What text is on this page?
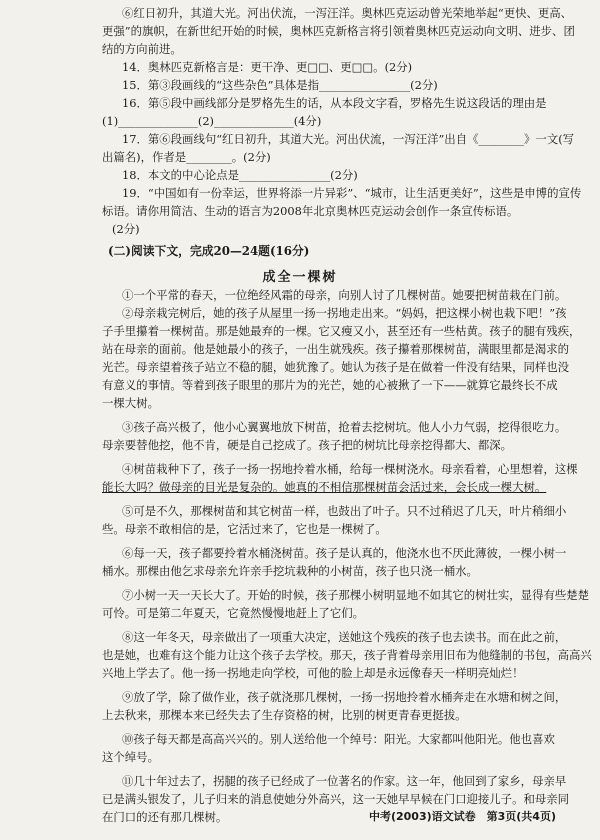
⑥红日初升，其道大光。河出伏流，一泻汪洋。奥林匹克运动曾光荣地举起“更快、更高、
更强”的旗帜，在新世纪开始的时候，奥林匹克新格言将引领着奥林匹克运动向文明、进步、团
结的方向前进。
14．奥林匹克新格言是：更干净、更□□、更□□。(2分)
15．第③段画线的“这些杂色”具体是指________________(2分)
16．第⑤段中画线部分是罗格先生的话，从本段文字看，罗格先生说这段话的理由是
(1)______________(2)______________(4分)
17．第⑥段画线句“红日初升，其道大光。河出伏流，一泻汪洋”出自《________》一文(写
出篇名)，作者是________。(2分)
18．本文的中心论点是________________(2分)
19．“中国如有一份幸运，世界将添一片异彩”、“城市，让生活更美好”，这些是申博的宣传
标语。请你用简洁、生动的语言为2008年北京奥林匹克运动会创作一条宣传标语。
(2分)
(二)阅读下文，完成20—24题(16分)
成全一棵树
①一个平常的春天，一位绝经风霜的母亲，向别人讨了几棵树苗。她要把树苗栽在门前。
②母亲栽完树后，她的孩子从屋里一扬一拐地走出来。“妈妈，把这棵小树也栽下吧！”孩
子手里攥着一棵树苗。那是她最弃的一棵。它又瘦又小，甚至还有一些枯黄。孩子的腿有残疾，
站在母亲的面前。他是她最小的孩子，一出生就残疾。孩子攥着那棵树苗，满眼里都是渴求的
光芒。母亲望着孩子站立不稳的腿，她犹豫了。她认为孩子是在做着一件没有结果，同样也没
有意义的事情。等着到孩子眼里的那片为的光芒，她的心被揪了一下——就算它最终长不成
一棵大树。
③孩子高兴极了，他小心翼翼地放下树苗，抢着去挖树坑。他人小力气弱，挖得很吃力。
母亲要替他挖，他不肯，硬是自己挖成了。孩子把的树坑比母亲挖得都大、都深。
④树苗栽种下了，孩子一扬一拐地拎着水桶，给每一棵树浇水。母亲看着，心里想着，这棵
能长大吗？做母亲的目光是复杂的。她真的不相信那棵树苗会活过来，会长成一棵大树。
⑤可是不久，那棵树苗和其它树苗一样，也鼓出了叶子。只不过稍迟了几天，叶片稍细小
些。母亲不敢相信的是，它活过来了，它也是一棵树了。
⑥每一天，孩子都要拎着水桶浇树苗。孩子是认真的，他浇水也不厌此薄彼，一棵小树一
桶水。那棵由他乞求母亲允许亲手挖坑栽种的小树苗，孩子也只浇一桶水。
⑦小树一天一天长大了。开始的时候，孩子那棵小树明显地不如其它的树壮实，显得有些楚楚
可怜。可是第二年夏天，它竟然慢慢地赶上了它们。
⑧这一年冬天，母亲做出了一项重大决定，送她这个残疾的孩子也去读书。而在此之前，
也是她，也难有这个能力让这个孩子去学校。那天，孩子背着母亲用旧布为他缝制的书包，高高兴
兴地上学去了。他一扬一拐地走向学校，可他的脸上却是永远像春天一样明亮灿烂！
⑨放了学，除了做作业，孩子就浇那几棵树，一扬一拐地拎着水桶奔走在水塘和树之间，
上去秋来，那棵本来已经失去了生存资格的树，比别的树更青春更挺拔。
⑩孩子每天都是高高兴兴的。别人送给他一个绰号：阳光。大家都叫他阳光。他也喜欢
这个绰号。
⑪几十年过去了，拐腿的孩子已经成了一位著名的作家。这一年，他回到了家乡，母亲早
已是满头银发了，儿子归来的消息使她分外高兴，这一天她早早候在门口迎接儿子。和母亲同
在门口的还有那几棵树。	中考(2003)语文试卷　第3页(共4页)
